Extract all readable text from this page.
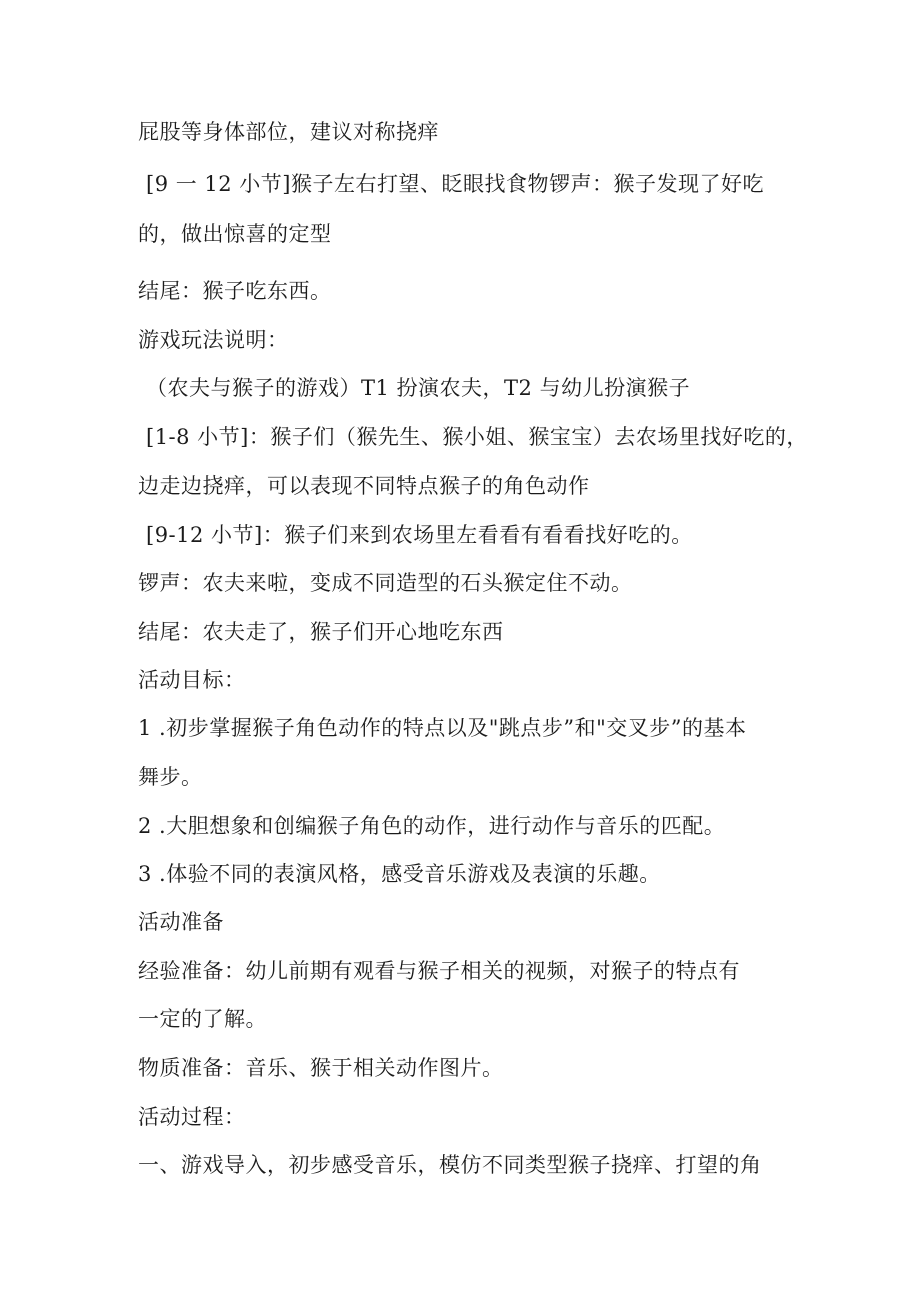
屁股等身体部位，建议对称挠痒
[9 一 12 小节]猴子左右打望、眨眼找食物锣声：猴子发现了好吃
的，做出惊喜的定型
结尾：猴子吃东西。
游戏玩法说明：
（农夫与猴子的游戏）T1 扮演农夫，T2 与幼儿扮演猴子
[1-8 小节]：猴子们（猴先生、猴小姐、猴宝宝）去农场里找好吃的，
边走边挠痒，可以表现不同特点猴子的角色动作
[9-12 小节]：猴子们来到农场里左看看有看看找好吃的。
锣声：农夫来啦，变成不同造型的石头猴定住不动。
结尾：农夫走了，猴子们开心地吃东西
活动目标：
1 .初步掌握猴子角色动作的特点以及"跳点步”和"交叉步”的基本
舞步。
2 .大胆想象和创编猴子角色的动作，进行动作与音乐的匹配。
3 .体验不同的表演风格，感受音乐游戏及表演的乐趣。
活动准备
经验准备：幼儿前期有观看与猴子相关的视频，对猴子的特点有
一定的了解。
物质准备：音乐、猴于相关动作图片。
活动过程：
一、游戏导入，初步感受音乐，模仿不同类型猴子挠痒、打望的角
